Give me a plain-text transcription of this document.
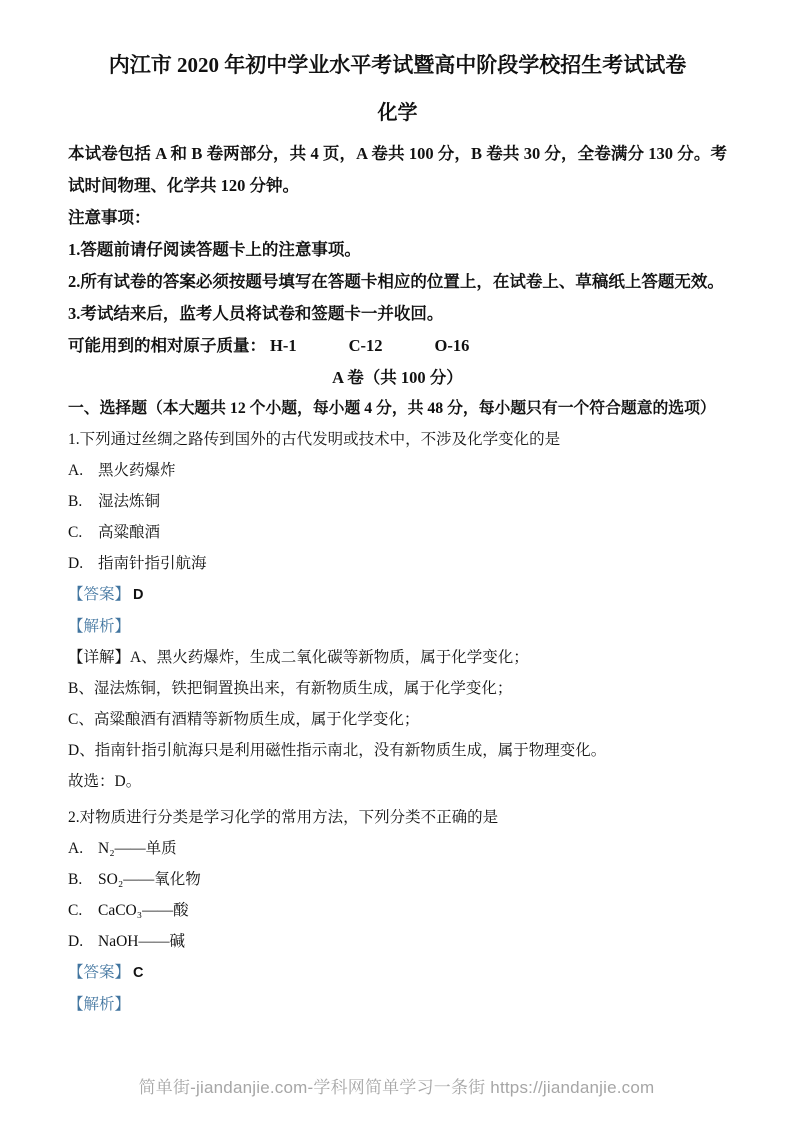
内江市 2020 年初中学业水平考试暨高中阶段学校招生考试试卷
化学
本试卷包括 A 和 B 卷两部分，共 4 页，A 卷共 100 分，B 卷共 30 分，全卷满分 130 分。考试时间物理、化学共 120 分钟。
注意事项：
1.答题前请仔阅读答题卡上的注意事项。
2.所有试卷的答案必须按题号填写在答题卡相应的位置上，在试卷上、草稿纸上答题无效。
3.考试结来后，监考人员将试卷和签题卡一并收回。
可能用到的相对原子质量： H-1	C-12	O-16
A 卷（共 100 分）
一、选择题（本大题共 12 个小题，每小题 4 分，共 48 分，每小题只有一个符合题意的选项）
1.下列通过丝绸之路传到国外的古代发明或技术中，不涉及化学变化的是
A. 黑火药爆炸
B. 湿法炼铜
C. 高粱酿酒
D. 指南针指引航海
【答案】 D
【解析】
【详解】A、黑火药爆炸，生成二氧化碳等新物质，属于化学变化；
B、湿法炼铜，铁把铜置换出来，有新物质生成，属于化学变化；
C、高粱酿酒有酒精等新物质生成，属于化学变化；
D、指南针指引航海只是利用磁性指示南北，没有新物质生成，属于物理变化。
故选：D。
2.对物质进行分类是学习化学的常用方法，下列分类不正确的是
A. N₂——单质
B. SO₂——氧化物
C. CaCO₃——酸
D. NaOH——碱
【答案】 C
【解析】
简单街-jiandanjie.com-学科网简单学习一条街 https://jiandanjie.com
